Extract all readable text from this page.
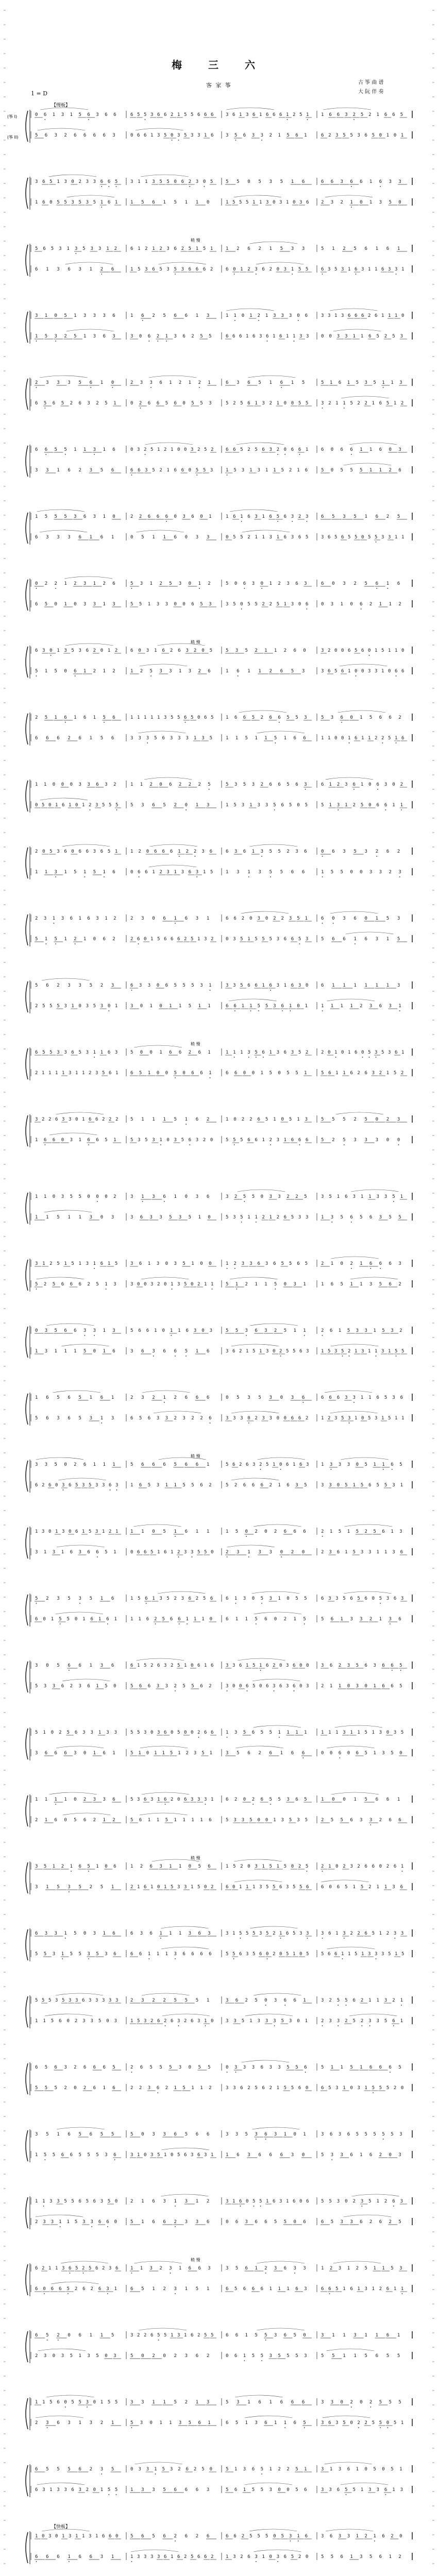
梅 三 六
客 家 筝	古 筝 曲 谱
大 阮 伴 奏
1 = D
(筝 I)
(筝 II)
【慢板】
0 6 1 3 1 5 6 3 6 6	6 5 5 3 6 6 2 1 5 5 6 6 6	3 6 1 3 6 1 6 6 6 1 2 5 1	1 6 6 3 2 5 2 1 6 6 5
5 6 3 2 6 6 6 6 3	0 6 6 1 3 5 0 3 5 3 3 1 6	3 5 6 3 3 2 1 5 6 1	6 2 3 5 5 3 6 5 0 1 0 1
3 6 5 1 3 0 2 3 3 6 6 5	3 1 1 3 5 5 0 6 2 3 0 5	5 5 0 5 3 5 1 6	6 6 3 6 6 1 6 3 3
1 6 0 5 5 3 5 3 5 1 6 1	1 5 6 1 5 1 1 0	1 5 5 5 1 1 3 0 3 1 0 3 6	2 3 2 1 0 1 3 5 0
稍 慢
5 6 5 3 1 3 5 3 3 1 2	6 1 2 1 2 3 6 2 5 1 5 1	1 2 6 2 1 5 3 3	5 1 2 5 6 1 6 1
6 1 3 6 3 1 2 6	1 5 3 6 5 3 5 3 6 6 6 2	6 0 1 2 3 6 2 0 3 1 5 5	6 3 5 3 1 6 3 1 1 6 3 3 1
3 1 0 5 1 3 3 3 6	1 6 2 5 6 6 1 3	1 1 0 1 2 1 3 3 3 0 6	3 3 1 3 6 6 6 2 6 1 1 1 0
1 5 3 2 5 1 3 6 3	3 0 6 2 1 3 6 2 5 5	6 6 6 1 6 3 6 1 6 1 1 3 3	0 0 3 3 1 1 6 5 2 5 3
2 3 3 3 5 6 1 0	2 3 3 6 1 2 1 2 1	6 3 6 5 1 6 1 5	5 1 6 1 5 3 5 1 1 3
6 5 6 5 2 6 3 2 5 1	0 2 6 6 5 6 0 5 5 3	5 2 5 6 1 3 2 1 0 0 5 5	3 2 1 1 5 2 2 1 6 5 1 2
6 6 5 5 1 1 3 1 6	0 3 2 5 1 2 1 0 0 3 2 5 2	6 6 5 2 5 6 3 2 0 6 6 1	6 0 6 6 1 1 6 0 3
3 3 1 6 2 3 5 6	6 6 3 5 2 1 6 6 0 5 5 3	1 5 3 1 3 1 1 5 2 1 6	5 0 5 5 5 1 1 2 6
1 5 5 5 3 6 3 1 0	2 2 6 6 6 0 3 6 0 1	1 6 1 6 3 1 6 5 6 3 2 3	6 5 3 5 1 6 2 5
6 3 3 3 6 1 6 1	0 5 1 1 6 0 3 3	0 5 5 2 1 1 3 1 6 3 6 5	3 6 5 6 5 5 0 5 5 3 3 1 1
0 2 2 1 2 3 1 2 6	5 3 1 2 5 3 0 1 2	5 0 6 3 0 1 2 3 6 3	6 0 3 2 5 6 1 6
6 5 0 1 0 3 3 1 3	5 5 1 3 3 0 0 6 5 3	3 5 0 5 5 2 2 5 1 3 0 6	0 3 1 0 6 2 1 1 2
稍 慢
6 3 0 1 3 5 3 6 2 0 1 2	6 0 3 1 6 2 6 3 2 0 5	5 3 5 2 1 1 2 6 0	3 2 0 0 6 5 6 0 1 5 1 1 0
5 1 5 0 6 1 2 1 2	1 2 5 3 3 1 3 2 6	1 6 1 1 2 6 5 3	3 6 5 6 1 0 0 3 3 1 0 6 6
2 5 1 6 1 6 1 5 6	1 1 1 1 1 3 5 5 6 5 0 6 5	1 6 6 5 2 6 6 5 5 3	5 3 6 0 1 5 6 6 2
6 6 6 2 6 1 5 6	3 3 3 5 6 3 3 3 1 3 5	1 1 5 1 1 5 1 6 6	1 1 0 0 1 6 1 1 2 2 5 1 6
1 1 0 0 0 3 3 6 3 2	1 1 2 0 6 2 2 2 5	5 3 5 3 2 6 6 5 6 3	6 1 2 3 6 1 0 6 3 0 2
0 5 0 1 6 1 0 1 2 3 5 5 5	5 3 6 5 2 0 1 3	1 5 3 1 3 3 5 6 5 0 5	5 1 3 1 2 5 0 6 6 1 1
2 0 5 3 6 0 6 6 3 6 5 1	1 2 0 6 6 6 1 2 2 3 6	6 3 6 1 3 5 5 2 3 6	0 6 3 5 3 2 6 2
1 1 3 1 5 1 5 1 6	0 6 6 1 2 3 1 3 6 3 1 5	1 3 1 3 5 5 6 6	1 5 5 0 0 3 3 2 3
2 3 1 3 6 1 6 3 1 2	2 3 0 6 1 6 3 1	6 6 2 0 3 0 2 2 3 5 1	6 0 3 6 0 1 5 3
5 1 5 1 2 1 0 6 2	2 6 0 1 5 6 6 6 2 5 1 3 2	0 3 5 1 5 5 5 3 6 6 5 3	5 6 6 1 6 3 1 5
5 6 2 3 3 5 2 3	6 3 3 0 6 5 5 5 3 1	3 3 5 6 6 1 6 3 1 6 3 0	6 1 1 1 1 1 1 3
2 5 5 5 3 1 0 3 5 3 0 1	3 0 1 0 1 1 5 1 1	6 6 1 1 5 5 3 6 1 0 1	1 1 1 1 2 3 6 3 1
稍 慢
6 5 5 3 3 6 5 3 1 1 6 3	5 0 0 1 6 6 2 6 1	1 1 1 3 5 6 1 3 6 3 5 2	2 0 1 0 1 6 0 5 3 5 3 6 1
2 1 1 1 1 3 1 1 2 3 5 6 1	6 5 1 0 0 5 0 6 6 1	6 6 0 0 1 5 0 5 5 1	5 6 1 1 6 2 6 3 2 1 5 2
3 2 2 6 3 3 0 1 6 6 2 2 2	5 1 1 1 5 1 6 2	1 0 2 2 6 5 1 0 5 1 3	5 5 5 2 5 0 2 3
1 6 6 0 3 1 6 6 5 1	5 3 5 3 1 0 3 5 6 3 2 0	5 5 5 6 6 1 2 3 1 6 6 6	5 2 5 3 3 3 0 0
1 1 0 3 5 5 0 0 0 2	3 1 3 6 1 0 3 6	3 2 5 5 0 3 3 2 2 5	3 5 1 6 3 1 1 3 3 5 1
1 1 5 1 1 3 0 3	3 6 3 3 5 3 5 1 0	5 3 5 1 1 2 1 2 6 5 3 3	1 3 5 6 5 6 3 5 5
3 1 2 5 1 5 1 3 1 6 1 5	3 6 1 3 0 3 5 1 0 0	1 2 3 3 6 3 6 5 5 6 5	2 1 0 2 1 6 6 6 3
5 2 5 6 6 6 2 5 1 3	3 0 0 3 2 0 1 3 5 0 2 1 1	5 1 2 1 1 5 0 3 1	1 6 5 1 1 3 5 6 2
0 3 5 6 6 3 3 1 3	5 6 6 1 0 1 1 6 3 0 3	5 5 3 6 3 2 5 1 1	2 6 1 5 3 3 1 5 3 2
1 3 1 1 1 5 0 1 6	3 6 3 6 6 5 1 6	3 6 2 1 5 1 3 0 2 5 5 6 3	1 5 3 5 2 1 3 1 1 3 1 5 5
1 6 5 6 5 1 6 1	2 3 2 1 2 6 6 6	0 5 3 5 3 0 3 6	6 6 6 3 3 1 1 6 5 3 6
5 6 3 6 5 3 1 3	6 5 6 3 3 2 3 2 2 6	3 3 3 0 2 3 3 0 0 6 6 2	1 2 3 5 3 1 0 5 3 1 5 1 1
稍 慢
3 3 5 0 2 6 1 1 1	5 6 6 6 5 6 6 1	5 6 2 6 3 2 5 1 0 6 1 6 3	1 3 3 3 0 5 1 1 6 5
6 2 6 0 3 6 5 3 5 3 3 6 3	1 6 5 3 1 1 5 5 6 2	5 2 6 6 6 2 1 6 3 5	3 3 0 5 1 5 6 5 5 3 1
1 3 0 1 3 0 6 1 5 3 1 2 1	1 1 0 5 1 6 1 1	1 5 0 2 0 2 6 6 6	2 1 5 1 5 2 5 6 1 3
3 1 3 1 6 3 6 6 5 1	0 6 6 5 1 6 1 2 3 3 5 5 0	2 3 1 3 3 0 2 0	2 3 6 1 5 3 3 1 1 3 6
5 2 3 5 3 5 1 6	1 5 6 1 3 5 2 3 6 2 5 6	6 1 3 0 5 3 1 0 5 5	6 3 3 5 6 5 6 0 5 3 6 3
6 0 1 5 5 0 1 6 1 6 1	1 1 6 2 5 6 6 1 1 1 0	6 1 1 5 6 0 2 1 5	5 6 1 3 3 2 1 3 6
3 0 5 6 6 1 3 6	6 1 5 2 6 3 2 5 1 0 6 1 6	3 3 6 1 5 1 6 2 0 3 6 0 0	3 6 2 3 5 6 3 6 6 5
5 3 3 6 2 3 6 1 5 0	5 6 6 3 3 2 5 5 6 2	3 0 0 6 5 0 6 3 6 3 6 0 3	2 1 1 0 3 0 1 6 6 5
5 1 0 2 5 6 3 3 1 3 3	5 5 3 0 3 6 0 5 0 0 2 6 6	1 3 5 6 5 5 1 1 1 1	1 1 1 3 1 1 5 1 3 0 3 5
3 6 6 6 3 0 1 6 1	5 1 0 1 1 5 1 2 3 5 1	3 5 6 2 6 1 6 6	0 0 6 0 6 5 1 3 5 0
1 1 1 1 0 2 3 3 6	5 3 6 3 1 6 2 0 6 3 3 3 1	6 2 0 2 6 5 5 3 6 5	1 0 0 1 5 6 6 1
2 1 6 0 5 6 2 1 2	5 6 1 1 5 1 1 1 1 6	5 3 3 5 0 0 1 3 5 3 5	2 5 5 6 3 3 2 6 6
稍 慢
3 5 1 2 1 6 5 1 0 6	1 2 6 3 1 1 0 5 6	1 5 2 0 3 1 5 1 5 0 2 5	2 1 0 2 3 2 6 6 0 2 6 1
3 1 5 3 5 2 5 1	2 1 6 1 0 1 5 3 3 1 5 0 2	6 0 1 1 1 3 5 5 6 3 5 5 6	6 0 6 5 1 5 2 1 1 3 6
6 3 3 1 5 0 3 1 6	6 3 6 1 1 1 3 6 3	3 1 5 5 5 3 5 2 1 6 5 3 3	3 6 1 3 2 2 6 5 1 2 3 3
5 5 3 1 5 5 3 5 3 6	6 6 1 1 1 3 6 6 6 6	5 5 6 3 5 6 0 2 0 5 1 0 5	5 6 6 1 1 5 1 3 3 3 5 1 5
5 5 5 3 5 3 3 6 3 3 3 3 3	2 3 2 2 5 5 5 1	3 6 2 5 0 3 6 6 1	3 2 5 5 6 2 1 1 3 2 1
1 1 5 6 0 2 3 3 5 0 3	1 5 3 2 6 2 6 3 2 6 3 1 0	3 3 5 1 3 3 3 5 3 0 1	2 3 3 2 5 2 3 3 5 6 1
6 5 6 3 2 6 6 6 5	2 6 5 5 5 3 0 5 5	0 3 3 3 6 3 3 5 5 6	5 1 1 5 1 6 6 6 5
5 5 5 2 0 2 6 1 6	2 2 3 6 2 1 5 1 1 2	3 3 6 2 5 6 2 1 5 5 6 0	6 5 3 1 0 3 1 5 5 5 2 0
3 5 1 6 5 6 5 5	5 0 3 3 6 5 6 6	3 3 5 3 6 3 1 0 1	3 6 3 6 5 5 5 5 5 3
1 5 5 6 6 5 5 5 3 6	3 1 0 3 5 1 0 5 6 3 6 3 1	1 6 3 6 6 6 3 0	5 3 3 6 1 6 2 0 3
1 1 3 3 5 5 6 5 6 3 5 0	2 1 6 3 1 3 1 2	3 1 6 0 5 5 1 6 3 1 6 0 6	5 5 3 0 2 3 5 1 2 6 3
2 3 3 1 1 5 3 3 6 6 0	5 1 6 6 2 3 3 6	0 6 3 6 6 5 5 0 6	6 5 3 3 6 2 6 2 5
稍 慢
6 2 1 1 3 6 5 2 5 6 2 3 6	1 1 3 2 3 1 6 6 3	3 5 6 1 2 3 6 3 3	1 2 3 1 2 5 1 1 5 3
6 0 6 6 5 2 6 2 6 3 1	6 5 1 2 3 1 5 1	6 5 6 6 6 1 1 1 6 3	6 6 5 1 6 1 3 1 2 6 1 1
6 5 2 0 6 1 1 5	3 2 2 6 5 5 1 3 1 6 2 5 5	6 6 1 5 5 3 6 5 0	3 1 1 3 1 1 6 1
2 3 0 3 5 1 3 5 0 3	5 0 2 0 2 3 6 2	0 6 1 5 5 3 5 5 5 3	5 5 1 1 5 6 5 5
1 1 5 6 0 5 5 3 0 1 5 5	3 3 1 1 5 2 1 3	5 3 1 6 1 6 6 6	3 3 0 2 0 2 5 5 5
2 3 6 3 1 3 2 1	5 3 0 1 1 3 5 6 1	6 5 1 3 6 1 1 6 5	3 6 3 5 0 2 2 5 5 0 5 1
6 5 5 5 6 2 3 5	0 3 3 1 5 3 2 6 2 5 0	5 1 3 6 5 1 2 2 5 1	3 1 3 6 1 0 5 0 5 1
6 3 1 3 3 6 3 2 0 1 5 5	1 3 3 5 6 6 6 3	5 6 1 5 5 3 0 0 5 6	3 3 6 5 5 1 3 3 6 1 3
【快板】
1 0 3 0 1 3 1 1 3 1 6 6 0	5 6 5 6 2 6 2 6	6 6 2 5 5 5 0 5 3 1 6	3 6 3 3 1 2 1 6 2 0
6 6 6 1 6 6 3 1	1 3 3 3 3 6 1 6 2 5 6 6 2	1 3 2 6 3 1 0 3 6 5 2 0	5 5 6 1 3 5 6 1 2
